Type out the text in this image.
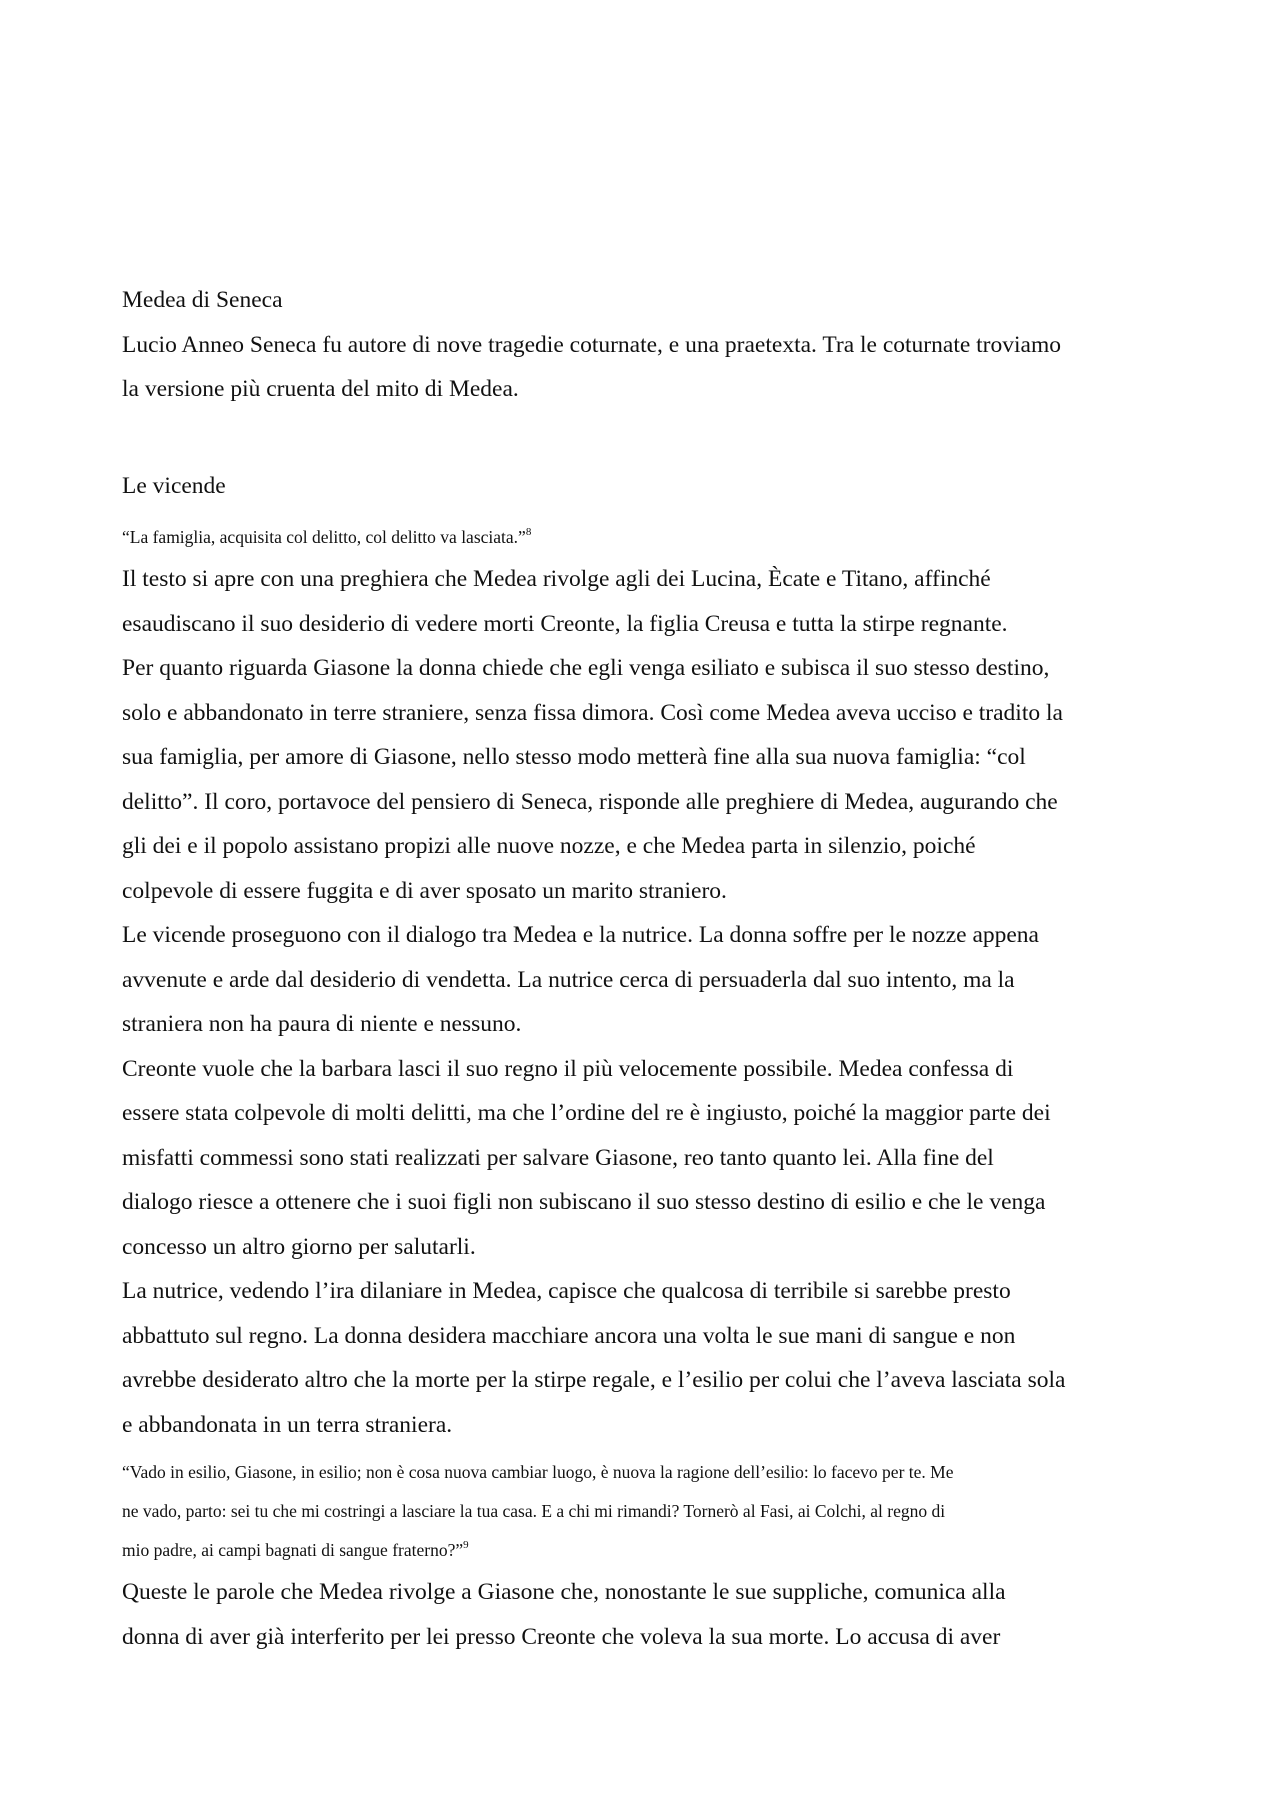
Medea di Seneca

Lucio Anneo Seneca fu autore di nove tragedie coturnate, e una praetexta. Tra le coturnate troviamo

la versione più cruenta del mito di Medea.

Le vicende

“La famiglia, acquisita col delitto, col delitto va lasciata.”$^8$

Il testo si apre con una preghiera che Medea rivolge agli dei Lucina, Ècate e Titano, affinché

esaudiscano il suo desiderio di vedere morti Creonte, la figlia Creusa e tutta la stirpe regnante.

Per quanto riguarda Giasone la donna chiede che egli venga esiliato e subisca il suo stesso destino,

solo e abbandonato in terre straniere, senza fissa dimora. Così come Medea aveva ucciso e tradito la

sua famiglia, per amore di Giasone, nello stesso modo metterà fine alla sua nuova famiglia: “col

delitto”. Il coro, portavoce del pensiero di Seneca, risponde alle preghiere di Medea, augurando che

gli dei e il popolo assistano propizi alle nuove nozze, e che Medea parta in silenzio, poiché

colpevole di essere fuggita e di aver sposato un marito straniero.

Le vicende proseguono con il dialogo tra Medea e la nutrice. La donna soffre per le nozze appena

avvenute e arde dal desiderio di vendetta. La nutrice cerca di persuaderla dal suo intento, ma la

straniera non ha paura di niente e nessuno.

Creonte vuole che la barbara lasci il suo regno il più velocemente possibile. Medea confessa di

essere stata colpevole di molti delitti, ma che l’ordine del re è ingiusto, poiché la maggior parte dei

misfatti commessi sono stati realizzati per salvare Giasone, reo tanto quanto lei. Alla fine del

dialogo riesce a ottenere che i suoi figli non subiscano il suo stesso destino di esilio e che le venga

concesso un altro giorno per salutarli.

La nutrice, vedendo l’ira dilaniare in Medea, capisce che qualcosa di terribile si sarebbe presto

abbattuto sul regno. La donna desidera macchiare ancora una volta le sue mani di sangue e non

avrebbe desiderato altro che la morte per la stirpe regale, e l’esilio per colui che l’aveva lasciata sola

e abbandonata in un terra straniera.

“Vado in esilio, Giasone, in esilio; non è cosa nuova cambiar luogo, è nuova la ragione dell’esilio: lo facevo per te. Me

ne vado, parto: sei tu che mi costringi a lasciare la tua casa. E a chi mi rimandi? Tornerò al Fasi, ai Colchi, al regno di

mio padre, ai campi bagnati di sangue fraterno?”$^9$

Queste le parole che Medea rivolge a Giasone che, nonostante le sue suppliche, comunica alla

donna di aver già interferito per lei presso Creonte che voleva la sua morte. Lo accusa di aver
